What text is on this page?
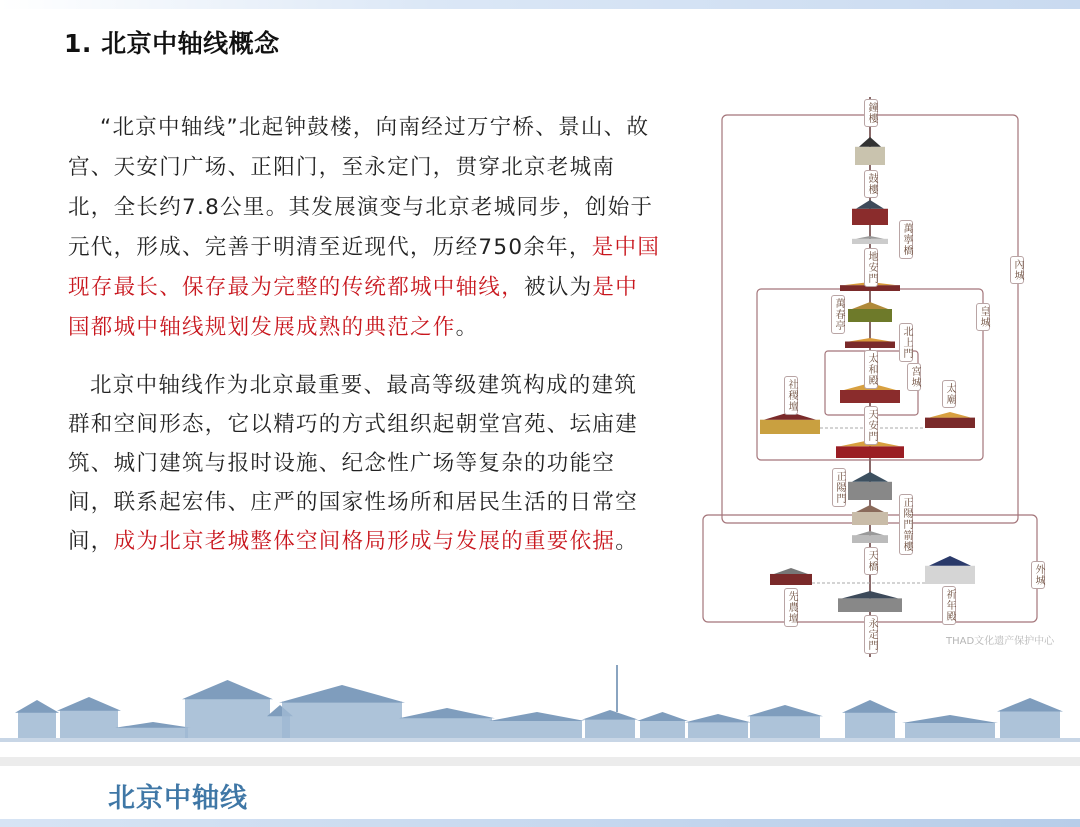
1. 北京中轴线概念
“北京中轴线”北起钟鼓楼，向南经过万宁桥、景山、故
宫、天安门广场、正阳门，至永定门，贯穿北京老城南
北，全长约7.8公里。其发展演变与北京老城同步，创始于
元代，形成、完善于明清至近现代，历经750余年，是中国
现存最长、保存最为完整的传统都城中轴线，被认为是中
国都城中轴线规划发展成熟的典范之作。
北京中轴线作为北京最重要、最高等级建筑构成的建筑
群和空间形态，它以精巧的方式组织起朝堂宫苑、坛庙建
筑、城门建筑与报时设施、纪念性广场等复杂的功能空
间，联系起宏伟、庄严的国家性场所和居民生活的日常空
间，成为北京老城整体空间格局形成与发展的重要依据。
THAD文化遗产保护中心
鐘樓
鼓樓
萬寧橋
地安門	內城
萬春亭	皇城
北上門
太和殿	宮城
社稷壇	太廟
天安門
正陽門
正陽門箭樓
天橋
先農壇	祈年殿
外城
永定門
北京中轴线
